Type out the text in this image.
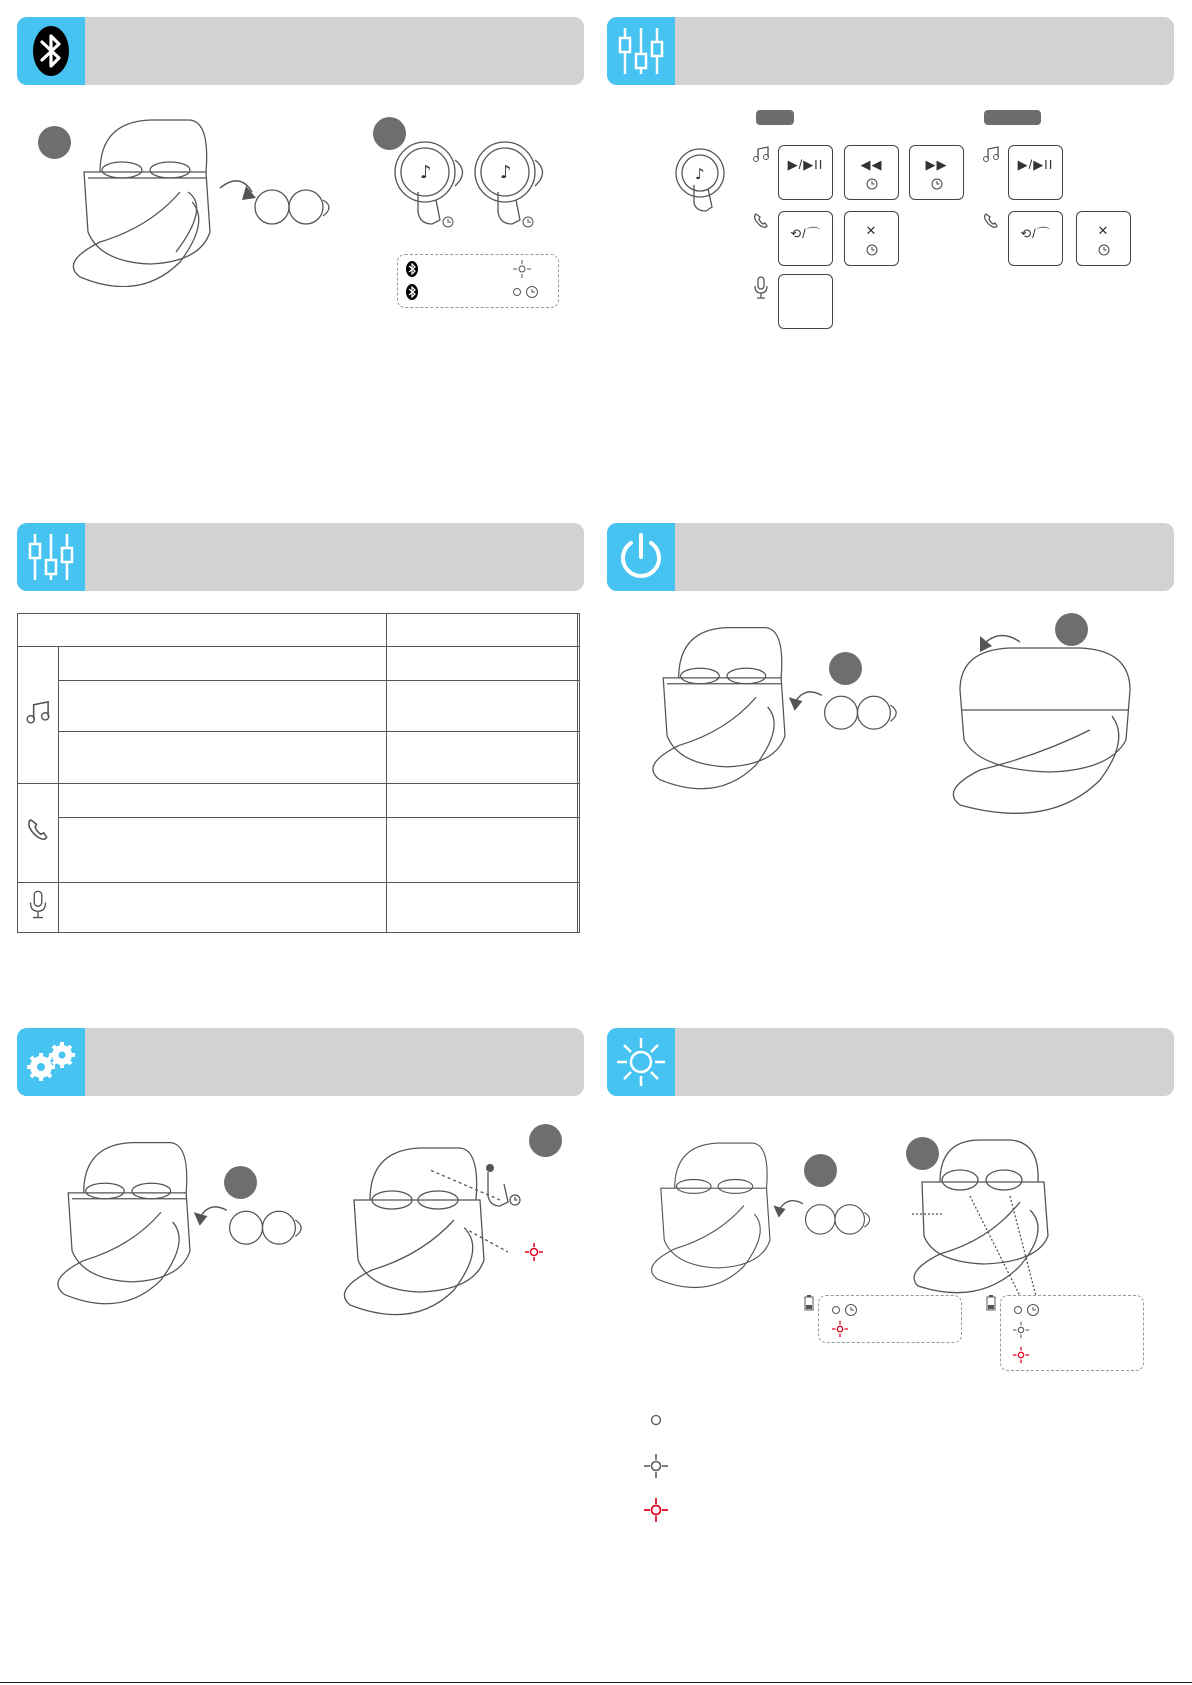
♪	♪	♪
▶/▶II	◀◀	▶▶
⟲/⌒	✕
▶/▶II
⟲/⌒	✕
